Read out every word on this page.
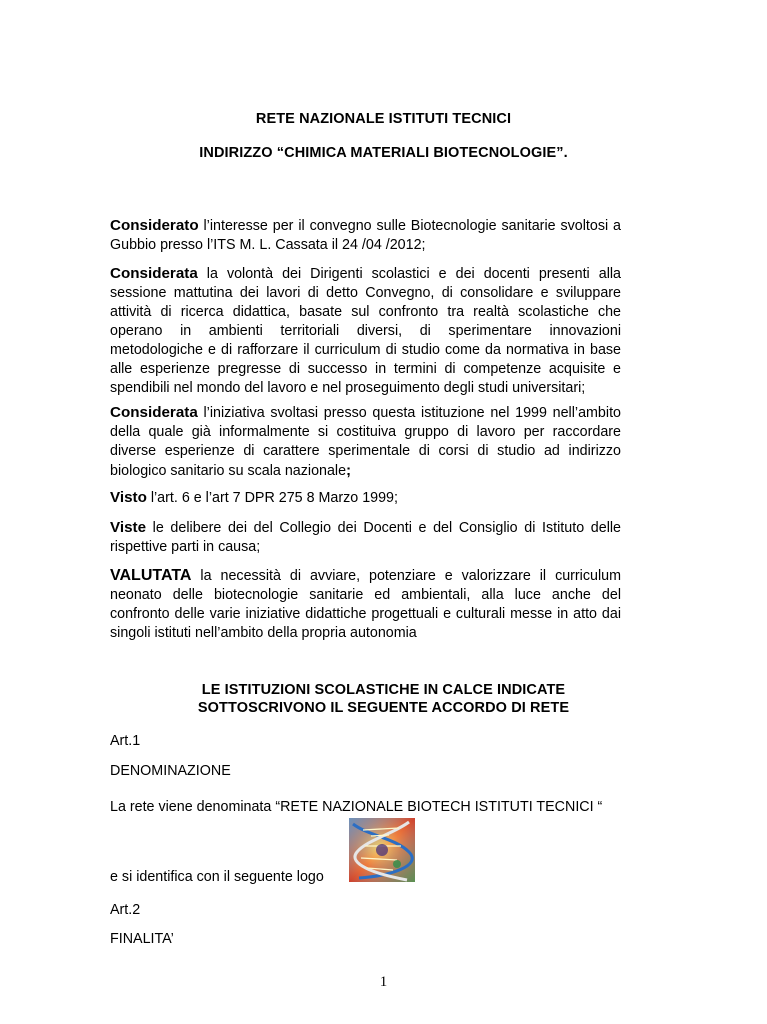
RETE NAZIONALE ISTITUTI TECNICI
INDIRIZZO “CHIMICA MATERIALI BIOTECNOLOGIE”.

Considerato l’interesse per il convegno sulle Biotecnologie sanitarie svoltosi a Gubbio presso l’ITS M. L. Cassata il 24 /04 /2012;

Considerata la volontà dei Dirigenti scolastici e dei docenti presenti alla sessione mattutina dei lavori di detto Convegno, di consolidare e sviluppare attività di ricerca didattica, basate sul confronto tra realtà scolastiche che operano in ambienti territoriali diversi, di sperimentare innovazioni metodologiche e di rafforzare il curriculum di studio come da normativa in base alle esperienze pregresse di successo in termini di competenze acquisite e spendibili nel mondo del lavoro e nel proseguimento degli studi universitari;

Considerata l’iniziativa svoltasi presso questa istituzione nel 1999 nell’ambito della quale già informalmente si costituiva gruppo di lavoro per raccordare diverse esperienze di carattere sperimentale di corsi di studio ad indirizzo biologico sanitario su scala nazionale;

Visto l’art. 6 e l’art 7 DPR 275 8 Marzo 1999;

Viste le delibere dei del Collegio dei Docenti e del Consiglio di Istituto delle rispettive parti in causa;

VALUTATA la necessità di avviare, potenziare e valorizzare il curriculum neonato delle biotecnologie sanitarie ed ambientali, alla luce anche del confronto delle varie iniziative didattiche progettuali e culturali messe in atto dai singoli istituti nell’ambito della propria autonomia

LE ISTITUZIONI SCOLASTICHE IN CALCE INDICATE
SOTTOSCRIVONO IL SEGUENTE ACCORDO DI RETE
Art.1
DENOMINAZIONE
La rete viene denominata “RETE NAZIONALE BIOTECH ISTITUTI TECNICI “
e si identifica con il seguente logo
Art.2
FINALITA’
1
